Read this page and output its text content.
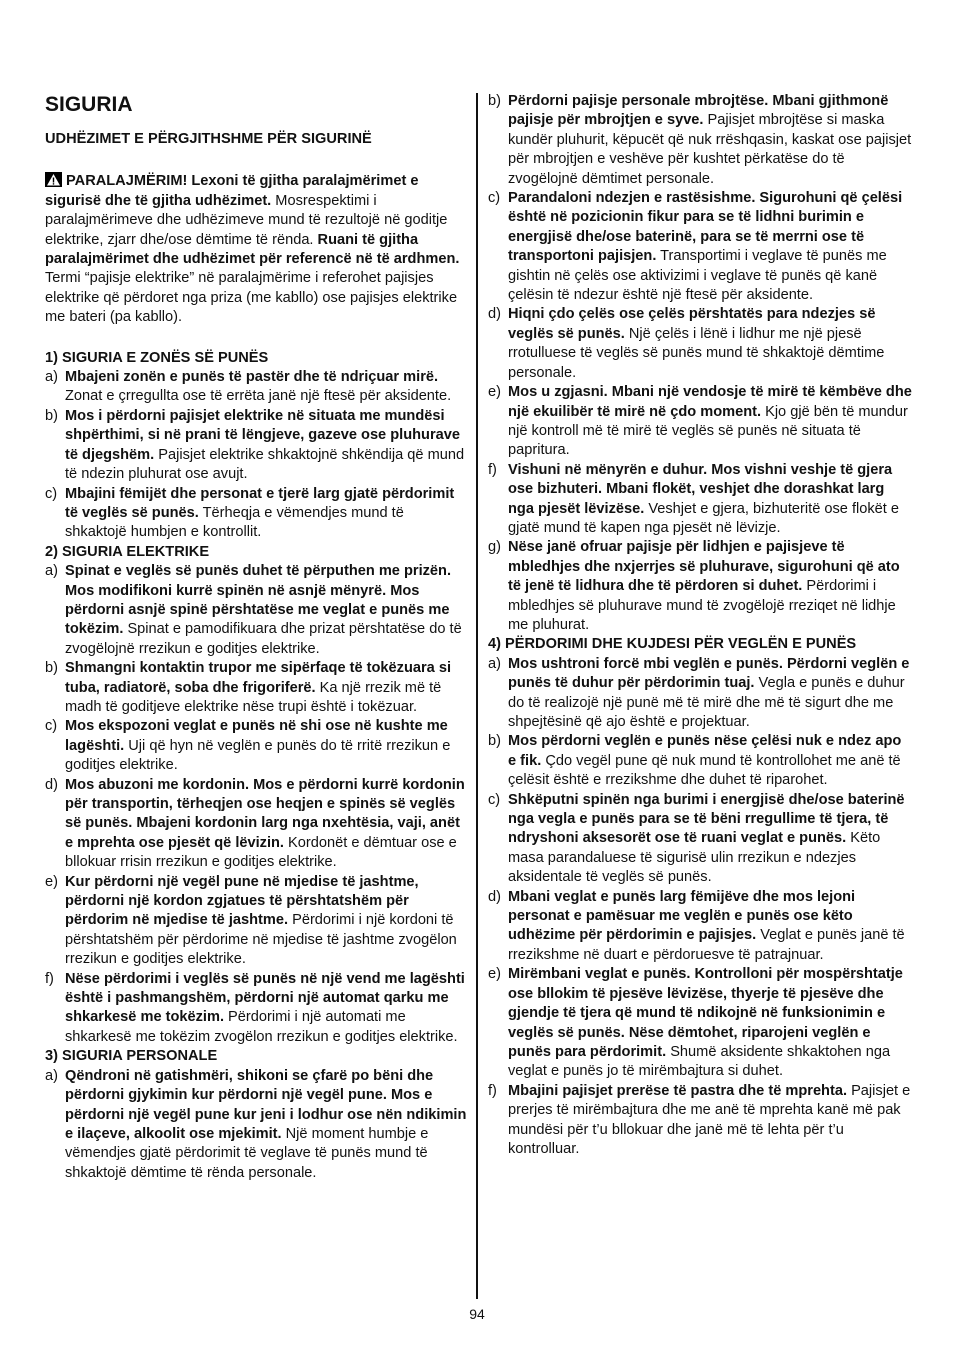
SIGURIA
UDHËZIMET E PËRGJITHSHME PËR SIGURINË
PARALAJMËRIM! Lexoni të gjitha paralajmërimet e sigurisë dhe të gjitha udhëzimet. Mosrespektimi i paralajmërimeve dhe udhëzimeve mund të rezultojë në goditje elektrike, zjarr dhe/ose dëmtime të rënda. Ruani të gjitha paralajmërimet dhe udhëzimet për referencë në të ardhmen. Termi “pajisje elektrike” në paralajmërime i referohet pajisjes elektrike që përdoret nga priza (me kabllo) ose pajisjes elektrike me bateri (pa kabllo).
1) SIGURIA E ZONËS SË PUNËS
a) Mbajeni zonën e punës të pastër dhe të ndriçuar mirë. Zonat e çrregullta ose të errëta janë një ftesë për aksidente.
b) Mos i përdorni pajisjet elektrike në situata me mundësi shpërthimi, si në prani të lëngjeve, gazeve ose pluhurave të djegshëm. Pajisjet elektrike shkaktojnë shkëndija që mund të ndezin pluhurat ose avujt.
c) Mbajini fëmijët dhe personat e tjerë larg gjatë përdorimit të veglës së punës. Tërheqja e vëmendjes mund të shkaktojë humbjen e kontrollit.
2) SIGURIA ELEKTRIKE
a) Spinat e veglës së punës duhet të përputhen me prizën. Mos modifikoni kurrë spinën në asnjë mënyrë. Mos përdorni asnjë spinë përshtatëse me veglat e punës me tokëzim. Spinat e pamodifikuara dhe prizat përshtatëse do të zvogëlojnë rrezikun e goditjes elektrike.
b) Shmangni kontaktin trupor me sipërfaqe të tokëzuara si tuba, radiatorë, soba dhe frigoriferë. Ka një rrezik më të madh të goditjeve elektrike nëse trupi është i tokëzuar.
c) Mos ekspozoni veglat e punës në shi ose në kushte me lagështi. Uji që hyn në veglën e punës do të rritë rrezikun e goditjes elektrike.
d) Mos abuzoni me kordonin. Mos e përdorni kurrë kordonin për transportin, tërheqjen ose heqjen e spinës së veglës së punës. Mbajeni kordonin larg nga nxehtësia, vaji, anët e mprehta ose pjesët që lëvizin. Kordonët e dëmtuar ose e bllokuar rrisin rrezikun e goditjes elektrike.
e) Kur përdorni një vegël pune në mjedise të jashtme, përdorni një kordon zgjatues të përshtatshëm për përdorim në mjedise të jashtme. Përdorimi i një kordoni të përshtatshëm për përdorime në mjedise të jashtme zvogëlon rrezikun e goditjes elektrike.
f) Nëse përdorimi i veglës së punës në një vend me lagështi është i pashmangshëm, përdorni një automat qarku me shkarkesë me tokëzim. Përdorimi i një automati me shkarkesë me tokëzim zvogëlon rrezikun e goditjes elektrike.
3) SIGURIA PERSONALE
a) Qëndroni në gatishmëri, shikoni se çfarë po bëni dhe përdorni gjykimin kur përdorni një vegël pune. Mos e përdorni një vegël pune kur jeni i lodhur ose nën ndikimin e ilaçeve, alkoolit ose mjekimit. Një moment humbje e vëmendjes gjatë përdorimit të veglave të punës mund të shkaktojë dëmtime të rënda personale.
b) Përdorni pajisje personale mbrojtëse. Mbani gjithmonë pajisje për mbrojtjen e syve. Pajisjet mbrojtëse si maska kundër pluhurit, këpucët që nuk rrëshqasin, kaskat ose pajisjet për mbrojtjen e veshëve për kushtet përkatëse do të zvogëlojnë dëmtimet personale.
c) Parandaloni ndezjen e rastësishme. Sigurohuni që çelësi është në pozicionin fikur para se të lidhni burimin e energjisë dhe/ose baterinë, para se të merrni ose të transportoni pajisjen. Transportimi i veglave të punës me gishtin në çelës ose aktivizimi i veglave të punës që kanë çelësin të ndezur është një ftesë për aksidente.
d) Hiqni çdo çelës ose çelës përshtatës para ndezjes së veglës së punës. Një çelës i lënë i lidhur me një pjesë rrotulluese të veglës së punës mund të shkaktojë dëmtime personale.
e) Mos u zgjasni. Mbani një vendosje të mirë të këmbëve dhe një ekuilibër të mirë në çdo moment. Kjo gjë bën të mundur një kontroll më të mirë të veglës së punës në situata të papritura.
f) Vishuni në mënyrën e duhur. Mos vishni veshje të gjera ose bizhuteri. Mbani flokët, veshjet dhe dorashkat larg nga pjesët lëvizëse. Veshjet e gjera, bizhuteritë ose flokët e gjatë mund të kapen nga pjesët në lëvizje.
g) Nëse janë ofruar pajisje për lidhjen e pajisjeve të mbledhjes dhe nxjerrjes së pluhurave, sigurohuni që ato të jenë të lidhura dhe të përdoren si duhet. Përdorimi i mbledhjes së pluhurave mund të zvogëlojë rreziqet në lidhje me pluhurat.
4) PËRDORIMI DHE KUJDESI PËR VEGLËN E PUNËS
a) Mos ushtroni forcë mbi veglën e punës. Përdorni veglën e punës të duhur për përdorimin tuaj. Vegla e punës e duhur do të realizojë një punë më të mirë dhe më të sigurt dhe me shpejtësinë që ajo është e projektuar.
b) Mos përdorni veglën e punës nëse çelësi nuk e ndez apo e fik. Çdo vegël pune që nuk mund të kontrollohet me anë të çelësit është e rrezikshme dhe duhet të riparohet.
c) Shkëputni spinën nga burimi i energjisë dhe/ose baterinë nga vegla e punës para se të bëni rregullime të tjera, të ndryshoni aksesorët ose të ruani veglat e punës. Këto masa parandaluese të sigurisë ulin rrezikun e ndezjes aksidentale të veglës së punës.
d) Mbani veglat e punës larg fëmijëve dhe mos lejoni personat e pamësuar me veglën e punës ose këto udhëzime për përdorimin e pajisjes. Veglat e punës janë të rrezikshme në duart e përdoruesve të patrajnuar.
e) Mirëmbani veglat e punës. Kontrolloni për mospërshtatje ose bllokim të pjesëve lëvizëse, thyerje të pjesëve dhe gjendje të tjera që mund të ndikojnë në funksionimin e veglës së punës. Nëse dëmtohet, riparojeni veglën e punës para përdorimit. Shumë aksidente shkaktohen nga veglat e punës jo të mirëmbajtura si duhet.
f) Mbajini pajisjet prerëse të pastra dhe të mprehta. Pajisjet e prerjes të mirëmbajtura dhe me anë të mprehta kanë më pak mundësi për t’u bllokuar dhe janë më të lehta për t’u kontrolluar.
94
